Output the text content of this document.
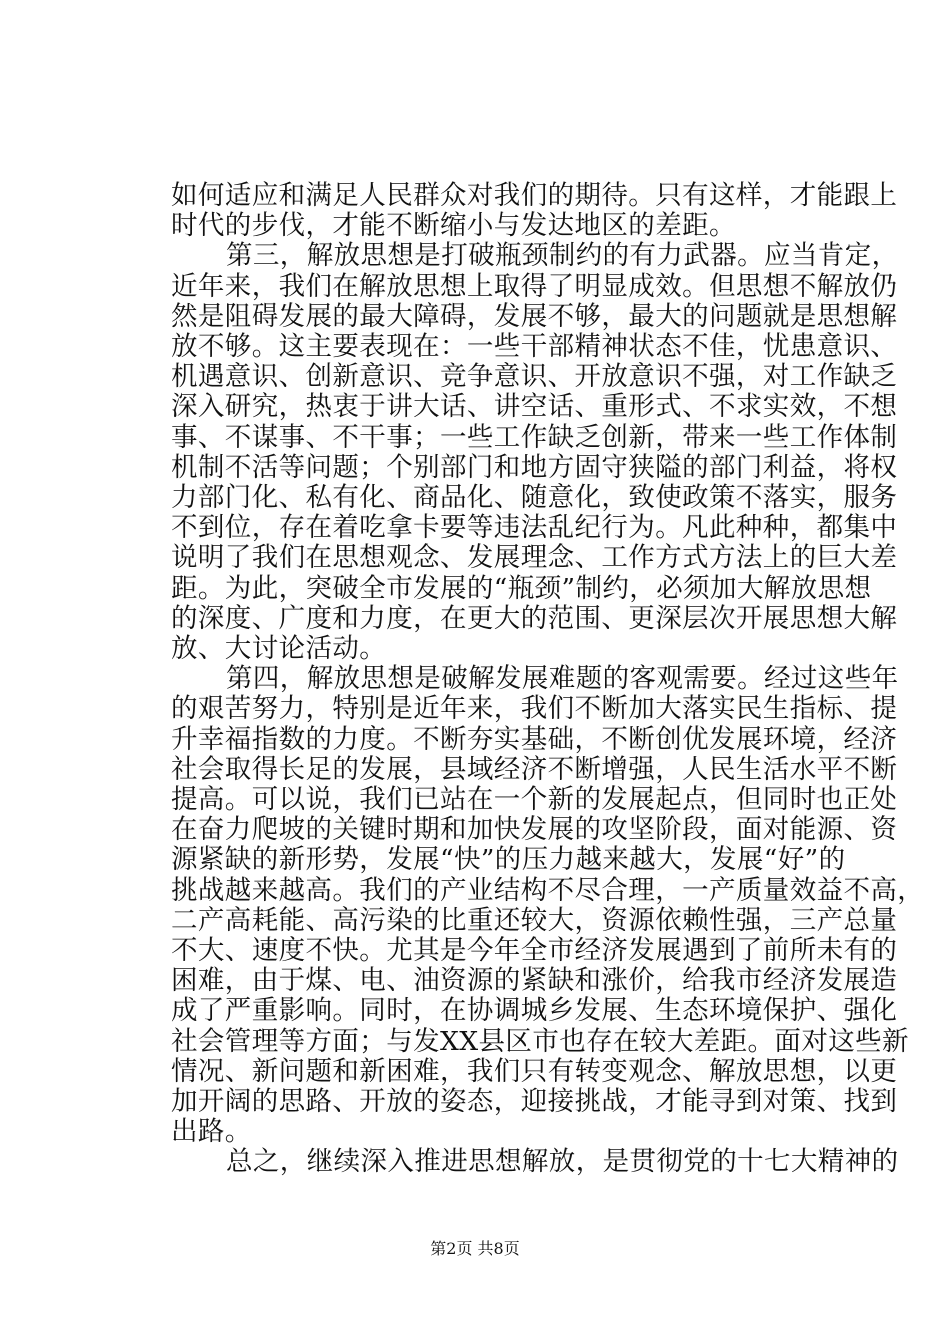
如何适应和满足人民群众对我们的期待。只有这样，才能跟上
时代的步伐，才能不断缩小与发达地区的差距。
第三，解放思想是打破瓶颈制约的有力武器。应当肯定，
近年来，我们在解放思想上取得了明显成效。但思想不解放仍
然是阻碍发展的最大障碍，发展不够，最大的问题就是思想解
放不够。这主要表现在：一些干部精神状态不佳，忧患意识、
机遇意识、创新意识、竞争意识、开放意识不强，对工作缺乏
深入研究，热衷于讲大话、讲空话、重形式、不求实效，不想
事、不谋事、不干事；一些工作缺乏创新，带来一些工作体制
机制不活等问题；个别部门和地方固守狭隘的部门利益，将权
力部门化、私有化、商品化、随意化，致使政策不落实，服务
不到位，存在着吃拿卡要等违法乱纪行为。凡此种种，都集中
说明了我们在思想观念、发展理念、工作方式方法上的巨大差
距。为此，突破全市发展的“瓶颈”制约，必须加大解放思想
的深度、广度和力度，在更大的范围、更深层次开展思想大解
放、大讨论活动。
第四，解放思想是破解发展难题的客观需要。经过这些年
的艰苦努力，特别是近年来，我们不断加大落实民生指标、提
升幸福指数的力度。不断夯实基础，不断创优发展环境，经济
社会取得长足的发展，县域经济不断增强，人民生活水平不断
提高。可以说，我们已站在一个新的发展起点，但同时也正处
在奋力爬坡的关键时期和加快发展的攻坚阶段，面对能源、资
源紧缺的新形势，发展“快”的压力越来越大，发展“好”的
挑战越来越高。我们的产业结构不尽合理，一产质量效益不高，
二产高耗能、高污染的比重还较大，资源依赖性强，三产总量
不大、速度不快。尤其是今年全市经济发展遇到了前所未有的
困难，由于煤、电、油资源的紧缺和涨价，给我市经济发展造
成了严重影响。同时，在协调城乡发展、生态环境保护、强化
社会管理等方面；与发XX县区市也存在较大差距。面对这些新
情况、新问题和新困难，我们只有转变观念、解放思想，以更
加开阔的思路、开放的姿态，迎接挑战，才能寻到对策、找到
出路。
总之，继续深入推进思想解放，是贯彻党的十七大精神的
第2页 共8页
